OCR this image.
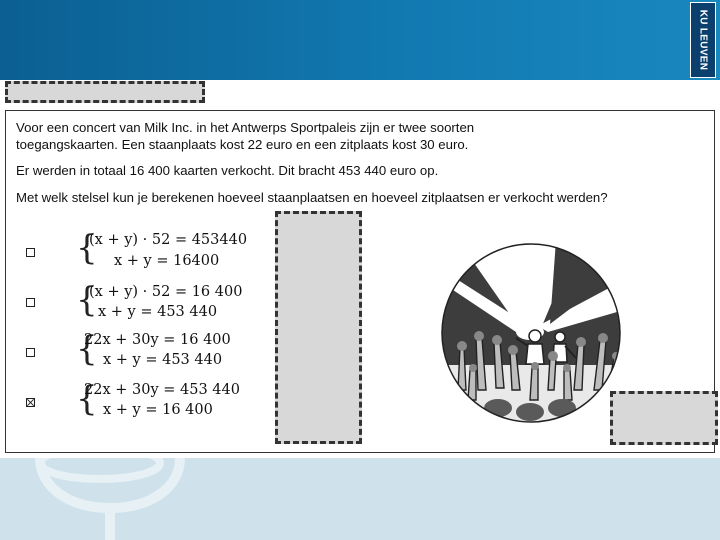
KU LEUVEN
Voor een concert van Milk Inc. in het Antwerps Sportpaleis zijn er twee soorten
toegangskaarten. Een staanplaats kost 22 euro en een zitplaats kost 30 euro.
Er werden in totaal 16 400 kaarten verkocht. Dit bracht 453 440 euro op.
Met welk stelsel kun je berekenen hoeveel staanplaatsen en hoeveel zitplaatsen er verkocht werden?
{
(x + y) · 52 = 453440
x + y = 16400
{
(x + y) · 52 = 16 400
x + y = 453 440
{
22x + 30y = 16 400
x + y = 453 440
{
22x + 30y = 453 440
x + y = 16 400
